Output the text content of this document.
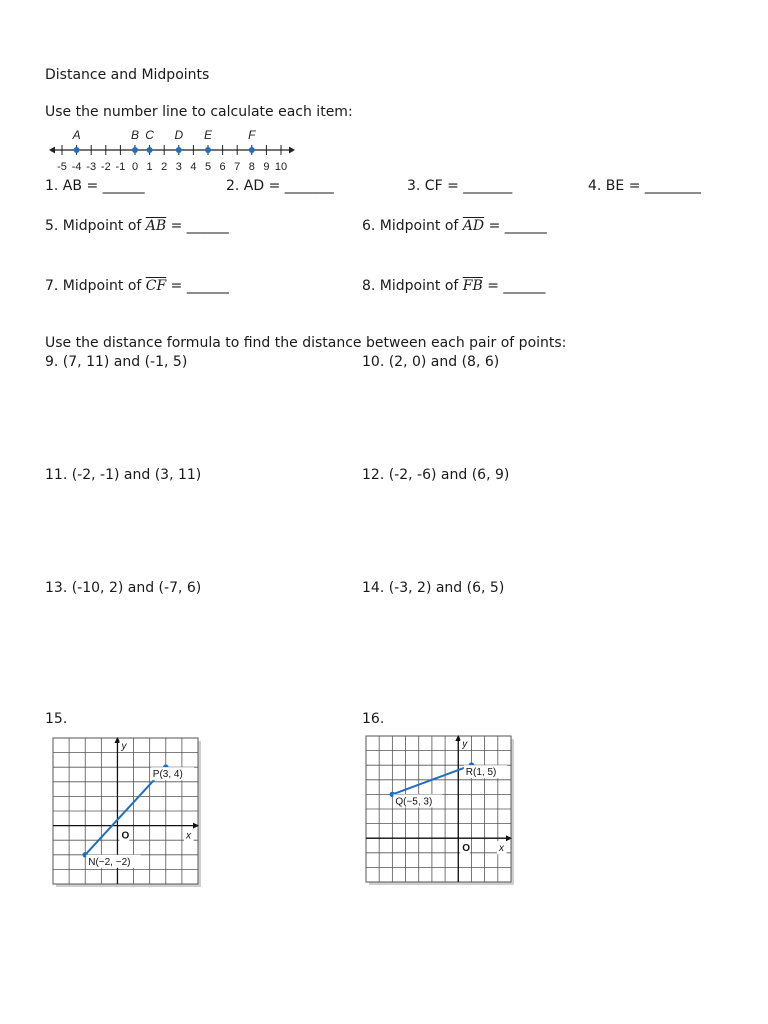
Distance and Midpoints
Use the number line to calculate each item:
-5 -4 -3 -2 -1 0 1 2 3 4 5 6 7 8 9 10
A	B C D E	F
1. AB = ______	2. AD = _______	3. CF = _______	4. BE = ________
5. Midpoint of $\overline{AB}$ = ______	6. Midpoint of $\overline{AD}$ = ______
7. Midpoint of $\overline{CF}$ = ______	8. Midpoint of $\overline{FB}$ = ______
Use the distance formula to find the distance between each pair of points:
9. (7, 11) and (-1, 5)	10. (2, 0) and (8, 6)
11. (-2, -1) and (3, 11)	12. (-2, -6) and (6, 9)
13. (-10, 2) and (-7, 6)	14. (-3, 2) and (6, 5)
15.	16.
y
x
O
P(3, 4)
N(−2, −2)
y
x
O
R(1, 5)
Q(−5, 3)
